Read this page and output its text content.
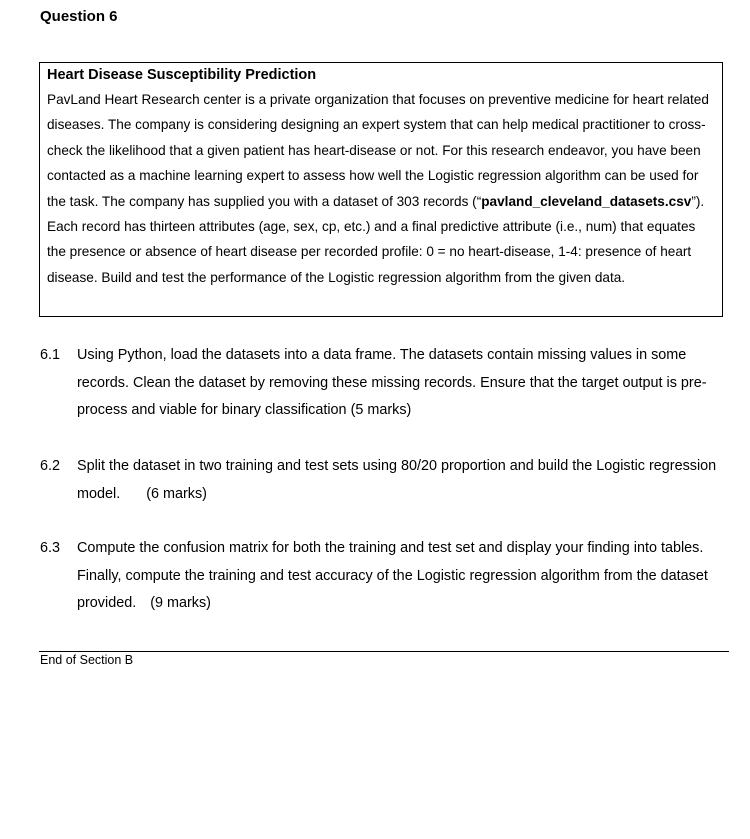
Question 6
Heart Disease Susceptibility Prediction
PavLand Heart Research center is a private organization that focuses on preventive medicine for heart related diseases. The company is considering designing an expert system that can help medical practitioner to cross-check the likelihood that a given patient has heart-disease or not. For this research endeavor, you have been contacted as a machine learning expert to assess how well the Logistic regression algorithm can be used for the task. The company has supplied you with a dataset of 303 records (“pavland_cleveland_datasets.csv”). Each record has thirteen attributes (age, sex, cp, etc.) and a final predictive attribute (i.e., num) that equates the presence or absence of heart disease per recorded profile: 0 = no heart-disease, 1-4: presence of heart disease. Build and test the performance of the Logistic regression algorithm from the given data.
6.1 Using Python, load the datasets into a data frame. The datasets contain missing values in some records. Clean the dataset by removing these missing records. Ensure that the target output is pre-process and viable for binary classification (5 marks)
6.2 Split the dataset in two training and test sets using 80/20 proportion and build the Logistic regression model. (6 marks)
6.3 Compute the confusion matrix for both the training and test set and display your finding into tables. Finally, compute the training and test accuracy of the Logistic regression algorithm from the dataset provided. (9 marks)
End of Section B
